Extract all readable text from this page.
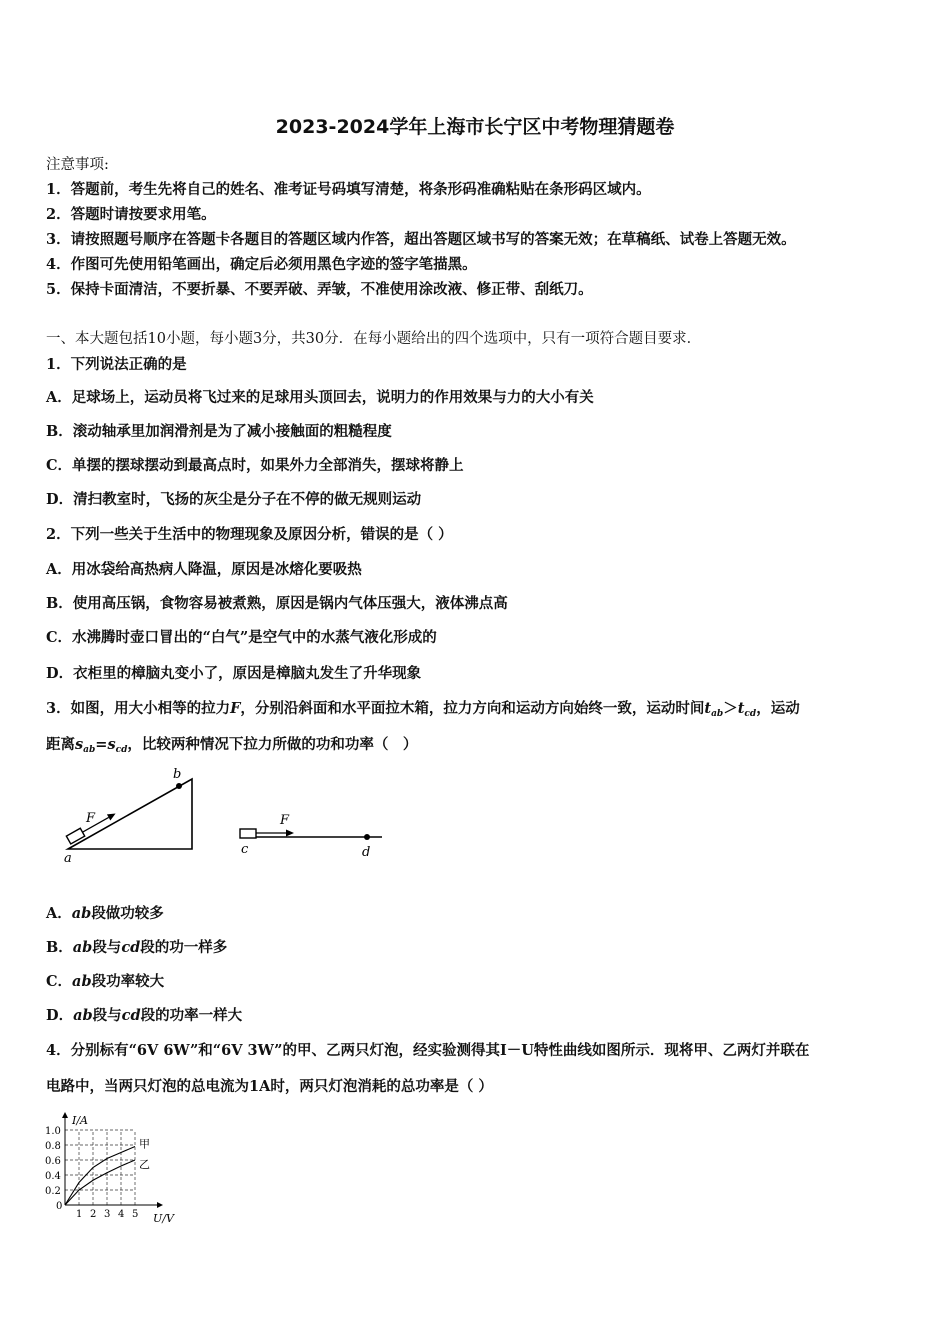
2023-2024学年上海市长宁区中考物理猜题卷
注意事项:
1．答题前，考生先将自己的姓名、准考证号码填写清楚，将条形码准确粘贴在条形码区域内。
2．答题时请按要求用笔。
3．请按照题号顺序在答题卡各题目的答题区域内作答，超出答题区域书写的答案无效；在草稿纸、试卷上答题无效。
4．作图可先使用铅笔画出，确定后必须用黑色字迹的签字笔描黑。
5．保持卡面清洁，不要折暴、不要弄破、弄皱，不准使用涂改液、修正带、刮纸刀。
一、本大题包括10小题，每小题3分，共30分．在每小题给出的四个选项中，只有一项符合题目要求．
1．下列说法正确的是
A．足球场上，运动员将飞过来的足球用头顶回去，说明力的作用效果与力的大小有关
B．滚动轴承里加润滑剂是为了减小接触面的粗糙程度
C．单摆的摆球摆动到最高点时，如果外力全部消失，摆球将静上
D．清扫教室时，飞扬的灰尘是分子在不停的做无规则运动
2．下列一些关于生活中的物理现象及原因分析，错误的是（ ）
A．用冰袋给高热病人降温，原因是冰熔化要吸热
B．使用高压锅，食物容易被煮熟，原因是锅内气体压强大，液体沸点高
C．水沸腾时壶口冒出的“白气”是空气中的水蒸气液化形成的
D．衣柜里的樟脑丸变小了，原因是樟脑丸发生了升华现象
3．如图，用大小相等的拉力F，分别沿斜面和水平面拉木箱，拉力方向和运动方向始终一致，运动时间$t_{ab}>t_{cd}$，运动
距离$s_{ab}=s_{cd}$，比较两种情况下拉力所做的功和功率（　）
b
F
a
F
c	d
A．ab段做功较多
B．ab段与cd段的功一样多
C．ab段功率较大
D．ab段与cd段的功率一样大
4．分别标有“6V 6W”和“6V 3W”的甲、乙两只灯泡，经实验测得其I－U特性曲线如图所示．现将甲、乙两灯并联在
电路中，当两只灯泡的总电流为1A时，两只灯泡消耗的总功率是（ ）
甲
乙
1 2 3 4 5
1.0
0.8
0.6
0.4
0.2
0
U/V
I/A
